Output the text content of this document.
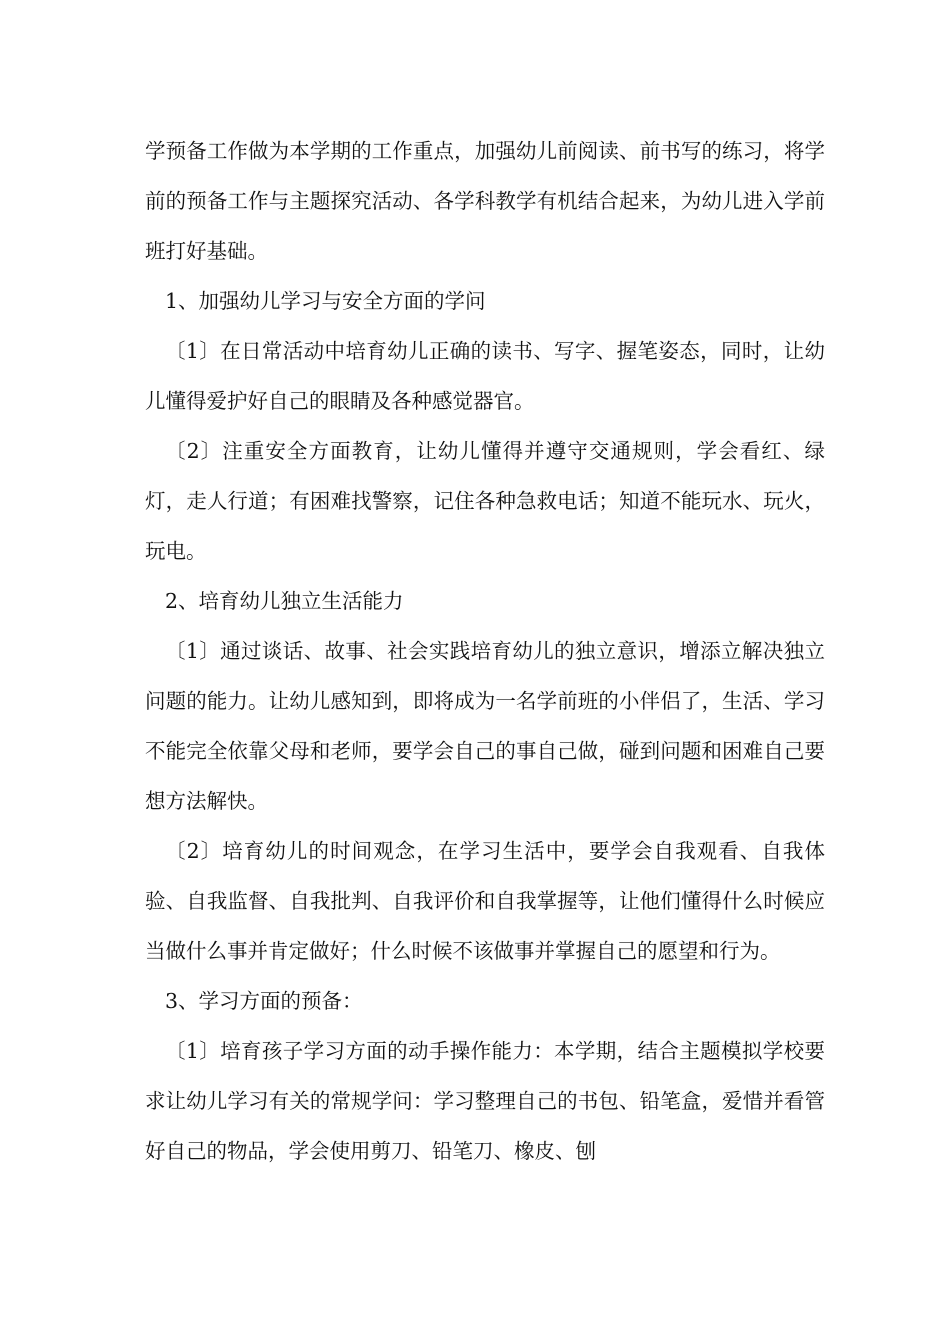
学预备工作做为本学期的工作重点，加强幼儿前阅读、前书写的练习，将学前的预备工作与主题探究活动、各学科教学有机结合起来，为幼儿进入学前班打好基础。

1、加强幼儿学习与安全方面的学问

〔1〕在日常活动中培育幼儿正确的读书、写字、握笔姿态，同时，让幼儿懂得爱护好自己的眼睛及各种感觉器官。

〔2〕注重安全方面教育，让幼儿懂得并遵守交通规则，学会看红、绿灯，走人行道；有困难找警察，记住各种急救电话；知道不能玩水、玩火，玩电。

2、培育幼儿独立生活能力

〔1〕通过谈话、故事、社会实践培育幼儿的独立意识，增添立解决独立问题的能力。让幼儿感知到，即将成为一名学前班的小伴侣了，生活、学习不能完全依靠父母和老师，要学会自己的事自己做，碰到问题和困难自己要想方法解快。

〔2〕培育幼儿的时间观念，在学习生活中，要学会自我观看、自我体验、自我监督、自我批判、自我评价和自我掌握等，让他们懂得什么时候应当做什么事并肯定做好；什么时候不该做事并掌握自己的愿望和行为。

3、学习方面的预备：

〔1〕培育孩子学习方面的动手操作能力：本学期，结合主题模拟学校要求让幼儿学习有关的常规学问：学习整理自己的书包、铅笔盒，爱惜并看管好自己的物品，学会使用剪刀、铅笔刀、橡皮、刨
